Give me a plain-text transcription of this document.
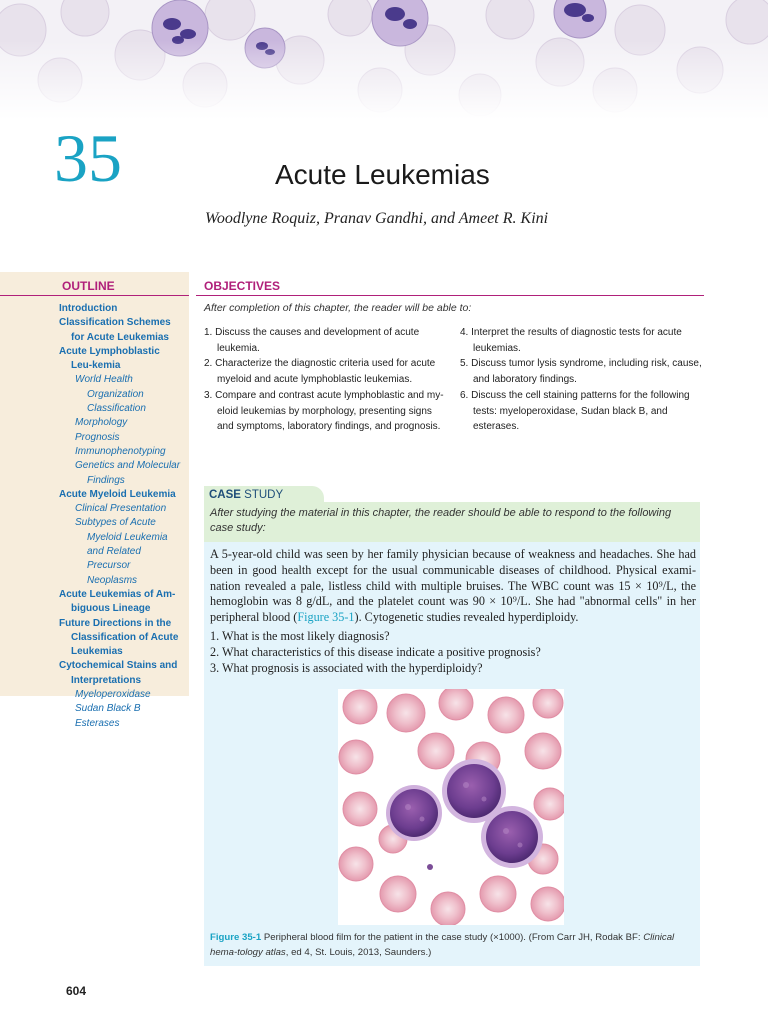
35	Acute Leukemias
Woodlyne Roquiz, Pranav Gandhi, and Ameet R. Kini
OUTLINE
Introduction
Classification Schemes for Acute Leukemias
Acute Lymphoblastic Leu-kemia
World Health Organization Classification
Morphology
Prognosis
Immunophenotyping
Genetics and Molecular Findings
Acute Myeloid Leukemia
Clinical Presentation
Subtypes of Acute Myeloid Leukemia and Related Precursor Neoplasms
Acute Leukemias of Am-biguous Lineage
Future Directions in the Classification of Acute Leukemias
Cytochemical Stains and Interpretations
Myeloperoxidase
Sudan Black B
Esterases
OBJECTIVES
After completion of this chapter, the reader will be able to:
1. Discuss the causes and development of acute leukemia.
2. Characterize the diagnostic criteria used for acute myeloid and acute lymphoblastic leukemias.
3. Compare and contrast acute lymphoblastic and my-eloid leukemias by morphology, presenting signs and symptoms, laboratory findings, and prognosis.
4. Interpret the results of diagnostic tests for acute leukemias.
5. Discuss tumor lysis syndrome, including risk, cause, and laboratory findings.
6. Discuss the cell staining patterns for the following tests: myeloperoxidase, Sudan black B, and esterases.
CASE STUDY

After studying the material in this chapter, the reader should be able to respond to the following case study:

A 5-year-old child was seen by her family physician because of weakness and headaches. She had been in good health except for the usual communicable diseases of childhood. Physical exami-nation revealed a pale, listless child with multiple bruises. The WBC count was 15 × 10⁹/L, the hemoglobin was 8 g/dL, and the platelet count was 90 × 10⁹/L. She had "abnormal cells" in her peripheral blood (Figure 35-1). Cytogenetic studies revealed hyperdiploidy.

1. What is the most likely diagnosis?
2. What characteristics of this disease indicate a positive prognosis?
3. What prognosis is associated with the hyperdiploidy?

Figure 35-1 Peripheral blood film for the patient in the case study (×1000). (From Carr JH, Rodak BF: Clinical hema-tology atlas, ed 4, St. Louis, 2013, Saunders.)

604
